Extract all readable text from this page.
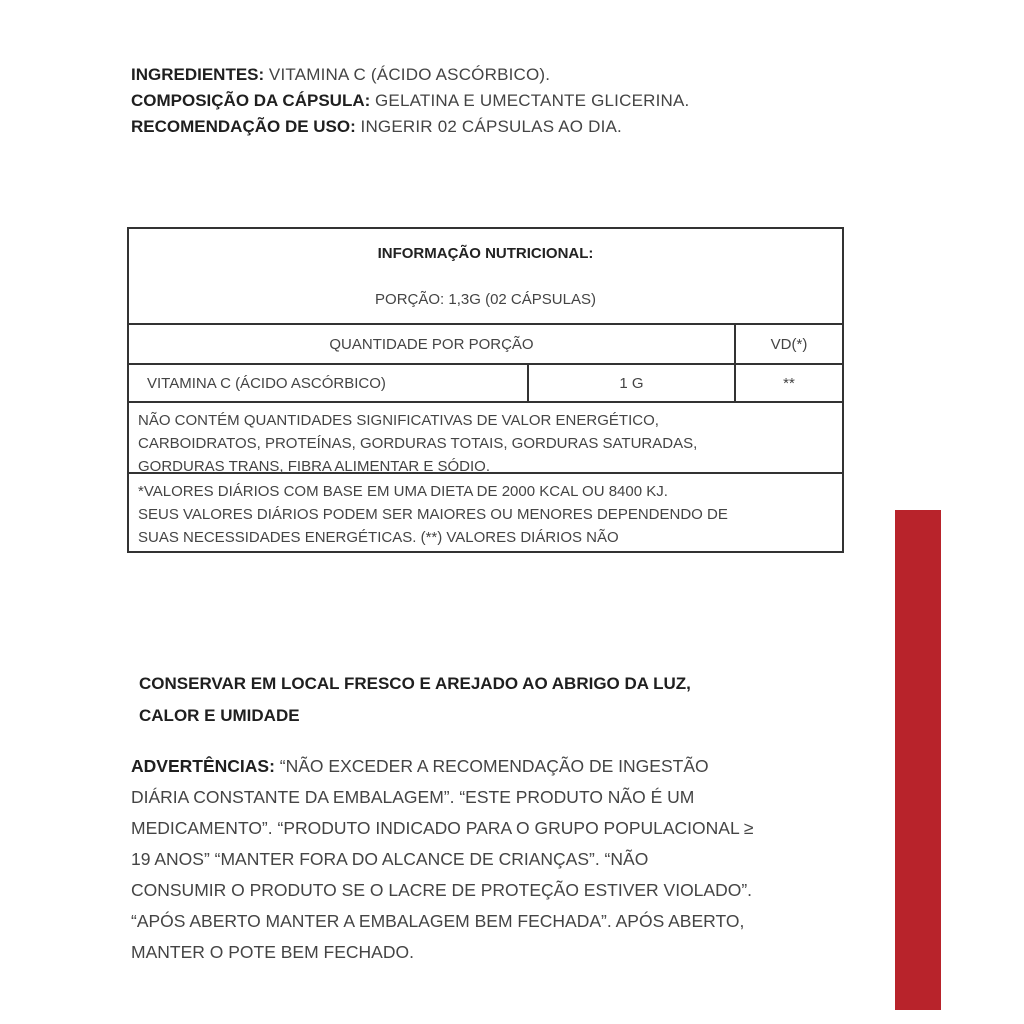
INGREDIENTES: VITAMINA C (ÁCIDO ASCÓRBICO).

COMPOSIÇÃO DA CÁPSULA: GELATINA E UMECTANTE GLICERINA.

RECOMENDAÇÃO DE USO: INGERIR 02 CÁPSULAS AO DIA.

INFORMAÇÃO NUTRICIONAL:
PORÇÃO: 1,3G (02 CÁPSULAS)
QUANTIDADE POR PORÇÃO	VD(*)
VITAMINA C (ÁCIDO ASCÓRBICO)	1 G	**
NÃO CONTÉM QUANTIDADES SIGNIFICATIVAS DE VALOR ENERGÉTICO,
CARBOIDRATOS, PROTEÍNAS, GORDURAS TOTAIS, GORDURAS SATURADAS,
GORDURAS TRANS, FIBRA ALIMENTAR E SÓDIO.
*VALORES DIÁRIOS COM BASE EM UMA DIETA DE 2000 KCAL OU 8400 KJ.
SEUS VALORES DIÁRIOS PODEM SER MAIORES OU MENORES DEPENDENDO DE
SUAS NECESSIDADES ENERGÉTICAS. (**) VALORES DIÁRIOS NÃO

CONSERVAR EM LOCAL FRESCO E AREJADO AO ABRIGO DA LUZ,

CALOR E UMIDADE

ADVERTÊNCIAS: “NÃO EXCEDER A RECOMENDAÇÃO DE INGESTÃO

DIÁRIA CONSTANTE DA EMBALAGEM”. “ESTE PRODUTO NÃO É UM

MEDICAMENTO”. “PRODUTO INDICADO PARA O GRUPO POPULACIONAL ≥

19 ANOS” “MANTER FORA DO ALCANCE DE CRIANÇAS”. “NÃO

CONSUMIR O PRODUTO SE O LACRE DE PROTEÇÃO ESTIVER VIOLADO”.

“APÓS ABERTO MANTER A EMBALAGEM BEM FECHADA”. APÓS ABERTO,

MANTER O POTE BEM FECHADO.
